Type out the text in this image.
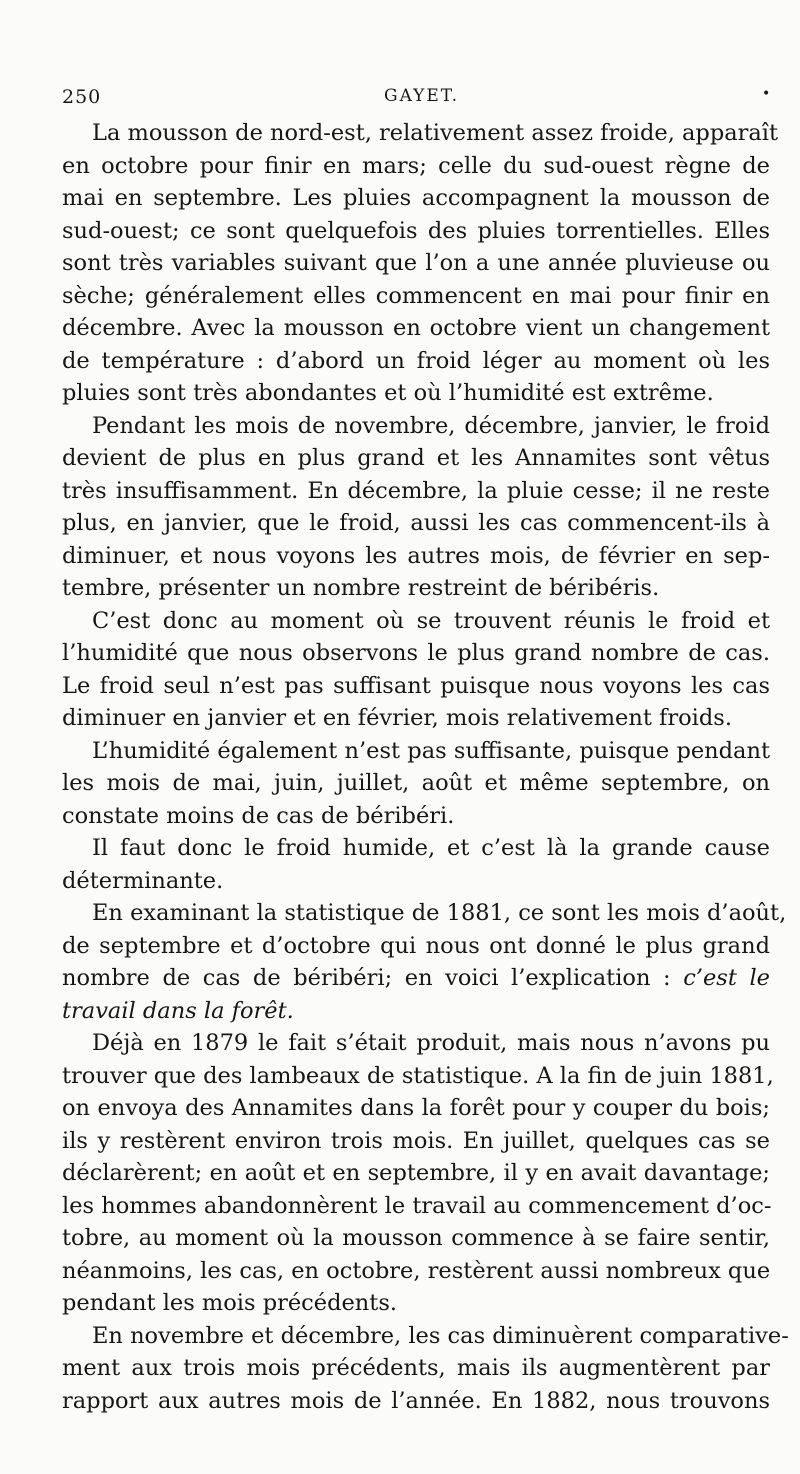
250	GAYET.	•
La mousson de nord-est, relativement assez froide, apparaît
en octobre pour finir en mars; celle du sud-ouest règne de
mai en septembre. Les pluies accompagnent la mousson de
sud-ouest; ce sont quelquefois des pluies torrentielles. Elles
sont très variables suivant que l’on a une année pluvieuse ou
sèche; généralement elles commencent en mai pour finir en
décembre. Avec la mousson en octobre vient un changement
de température : d’abord un froid léger au moment où les
pluies sont très abondantes et où l’humidité est extrême.
Pendant les mois de novembre, décembre, janvier, le froid
devient de plus en plus grand et les Annamites sont vêtus
très insuffisamment. En décembre, la pluie cesse; il ne reste
plus, en janvier, que le froid, aussi les cas commencent-ils à
diminuer, et nous voyons les autres mois, de février en sep-
tembre, présenter un nombre restreint de béribéris.
C’est donc au moment où se trouvent réunis le froid et
l’humidité que nous observons le plus grand nombre de cas.
Le froid seul n’est pas suffisant puisque nous voyons les cas
diminuer en janvier et en février, mois relativement froids.
L’humidité également n’est pas suffisante, puisque pendant
les mois de mai, juin, juillet, août et même septembre, on
constate moins de cas de béribéri.
Il faut donc le froid humide, et c’est là la grande cause
déterminante.
En examinant la statistique de 1881, ce sont les mois d’août,
de septembre et d’octobre qui nous ont donné le plus grand
nombre de cas de béribéri; en voici l’explication : c’est le
travail dans la forêt.
Déjà en 1879 le fait s’était produit, mais nous n’avons pu
trouver que des lambeaux de statistique. A la fin de juin 1881,
on envoya des Annamites dans la forêt pour y couper du bois;
ils y restèrent environ trois mois. En juillet, quelques cas se
déclarèrent; en août et en septembre, il y en avait davantage;
les hommes abandonnèrent le travail au commencement d’oc-
tobre, au moment où la mousson commence à se faire sentir,
néanmoins, les cas, en octobre, restèrent aussi nombreux que
pendant les mois précédents.
En novembre et décembre, les cas diminuèrent comparative-
ment aux trois mois précédents, mais ils augmentèrent par
rapport aux autres mois de l’année. En 1882, nous trouvons
